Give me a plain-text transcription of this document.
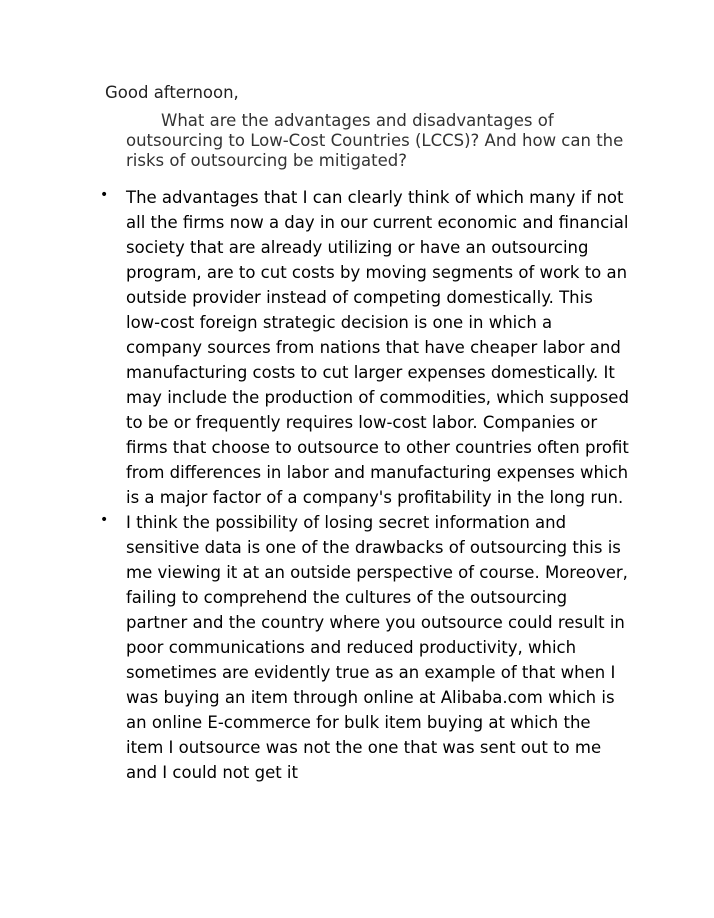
Good afternoon,

What are the advantages and disadvantages of outsourcing to Low-Cost Countries (LCCS)? And how can the risks of outsourcing be mitigated?

• The advantages that I can clearly think of which many if not all the firms now a day in our current economic and financial society that are already utilizing or have an outsourcing program, are to cut costs by moving segments of work to an outside provider instead of competing domestically. This low-cost foreign strategic decision is one in which a company sources from nations that have cheaper labor and manufacturing costs to cut larger expenses domestically. It may include the production of commodities, which supposed to be or frequently requires low-cost labor. Companies or firms that choose to outsource to other countries often profit from differences in labor and manufacturing expenses which is a major factor of a company's profitability in the long run.
• I think the possibility of losing secret information and sensitive data is one of the drawbacks of outsourcing this is me viewing it at an outside perspective of course. Moreover, failing to comprehend the cultures of the outsourcing partner and the country where you outsource could result in poor communications and reduced productivity, which sometimes are evidently true as an example of that when I was buying an item through online at Alibaba.com which is an online E-commerce for bulk item buying at which the item I outsource was not the one that was sent out to me and I could not get it
